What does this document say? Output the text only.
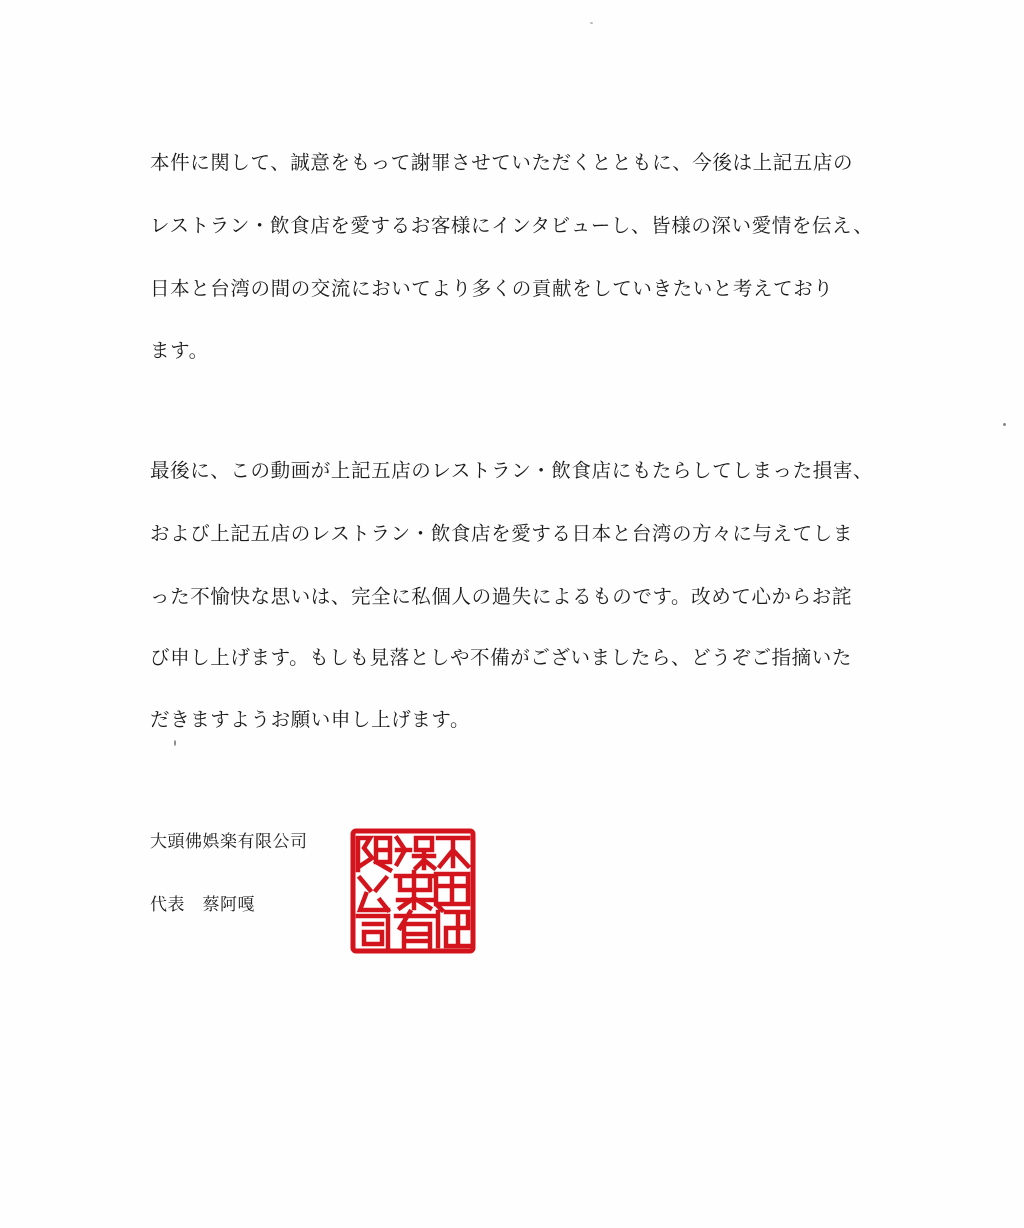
本件に関して、誠意をもって謝罪させていただくとともに、今後は上記五店の
レストラン・飲食店を愛するお客様にインタビューし、皆様の深い愛情を伝え、
日本と台湾の間の交流においてより多くの貢献をしていきたいと考えており
ます。
最後に、この動画が上記五店のレストラン・飲食店にもたらしてしまった損害、
および上記五店のレストラン・飲食店を愛する日本と台湾の方々に与えてしま
った不愉快な思いは、完全に私個人の過失によるものです。改めて心からお詫
び申し上げます。もしも見落としや不備がございましたら、どうぞご指摘いた
だきますようお願い申し上げます。
大頭佛娯楽有限公司
代表　蔡阿嘎
